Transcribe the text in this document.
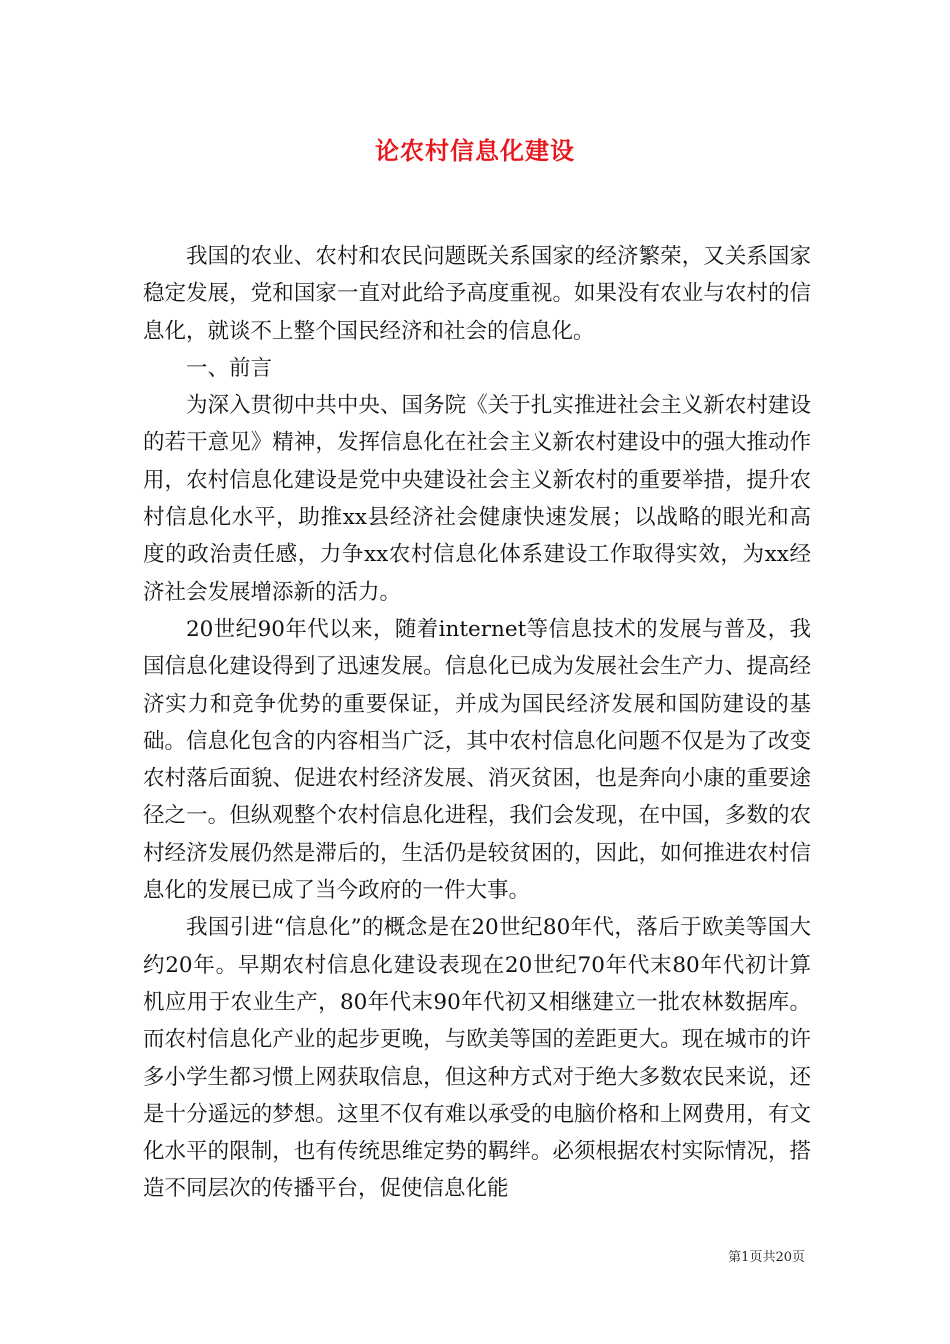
论农村信息化建设

我国的农业、农村和农民问题既关系国家的经济繁荣，又关系国家稳定发展，党和国家一直对此给予高度重视。如果没有农业与农村的信息化，就谈不上整个国民经济和社会的信息化。

一、前言

为深入贯彻中共中央、国务院《关于扎实推进社会主义新农村建设的若干意见》精神，发挥信息化在社会主义新农村建设中的强大推动作用，农村信息化建设是党中央建设社会主义新农村的重要举措，提升农村信息化水平，助推xx县经济社会健康快速发展；以战略的眼光和高度的政治责任感，力争xx农村信息化体系建设工作取得实效，为xx经济社会发展增添新的活力。

20世纪90年代以来，随着internet等信息技术的发展与普及，我国信息化建设得到了迅速发展。信息化已成为发展社会生产力、提高经济实力和竞争优势的重要保证，并成为国民经济发展和国防建设的基础。信息化包含的内容相当广泛，其中农村信息化问题不仅是为了改变农村落后面貌、促进农村经济发展、消灭贫困，也是奔向小康的重要途径之一。但纵观整个农村信息化进程，我们会发现，在中国，多数的农村经济发展仍然是滞后的，生活仍是较贫困的，因此，如何推进农村信息化的发展已成了当今政府的一件大事。

我国引进“信息化”的概念是在20世纪80年代，落后于欧美等国大约20年。早期农村信息化建设表现在20世纪70年代末80年代初计算机应用于农业生产，80年代末90年代初又相继建立一批农林数据库。而农村信息化产业的起步更晚，与欧美等国的差距更大。现在城市的许多小学生都习惯上网获取信息，但这种方式对于绝大多数农民来说，还是十分遥远的梦想。这里不仅有难以承受的电脑价格和上网费用，有文化水平的限制，也有传统思维定势的羁绊。必须根据农村实际情况，搭造不同层次的传播平台，促使信息化能

第1页共20页
